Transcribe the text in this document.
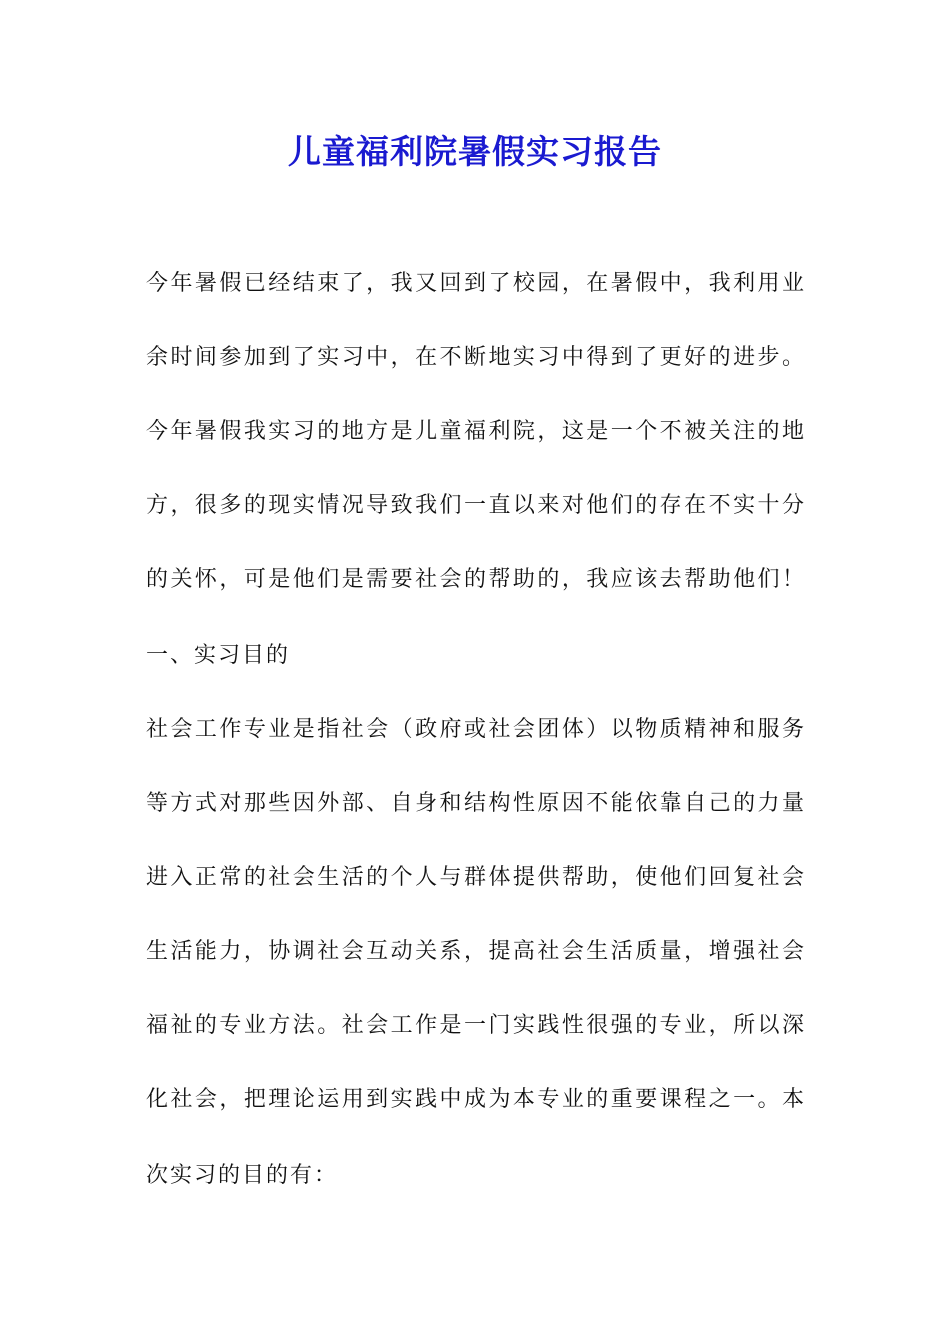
儿童福利院暑假实习报告
今年暑假已经结束了，我又回到了校园，在暑假中，我利用业
余时间参加到了实习中，在不断地实习中得到了更好的进步。
今年暑假我实习的地方是儿童福利院，这是一个不被关注的地
方，很多的现实情况导致我们一直以来对他们的存在不实十分
的关怀，可是他们是需要社会的帮助的，我应该去帮助他们！
一、实习目的
社会工作专业是指社会（政府或社会团体）以物质精神和服务
等方式对那些因外部、自身和结构性原因不能依靠自己的力量
进入正常的社会生活的个人与群体提供帮助，使他们回复社会
生活能力，协调社会互动关系，提高社会生活质量，增强社会
福祉的专业方法。社会工作是一门实践性很强的专业，所以深
化社会，把理论运用到实践中成为本专业的重要课程之一。本
次实习的目的有：
